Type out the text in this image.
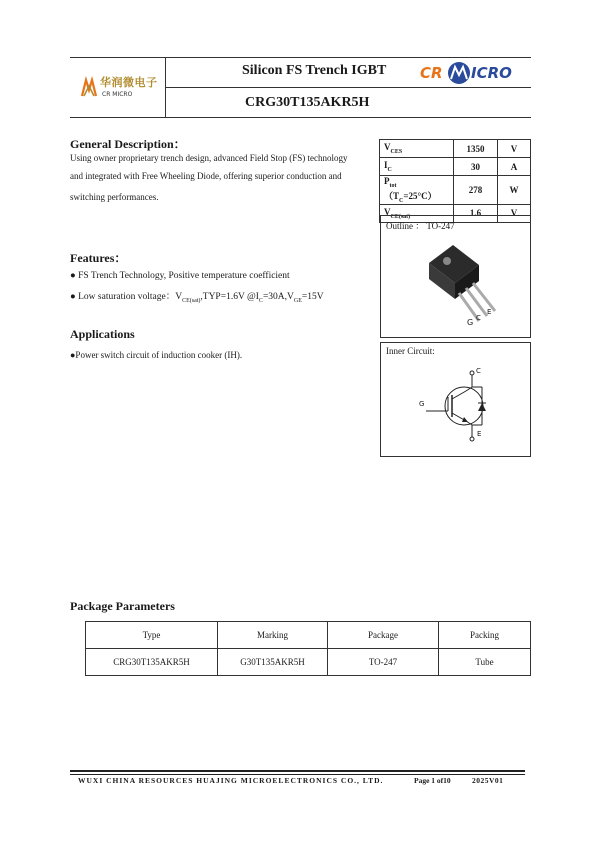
华润微电子
CR MICRO
Silicon FS Trench IGBT CR ICRO
CRG30T135AKR5H
General Description：
Using owner proprietary trench design, advanced Field Stop (FS) technology
and integrated with Free Wheeling Diode, offering superior conduction and
switching performances.
$V_{CES}$	1350	V
$I_C$	30	A
$P_{tot}(T_C=25^\circ C)$	278	W
$V_{CE(sat)}$	1.6	V
Outline ： TO-247
G C
E
Inner Circuit:
C
G
E
Features：
● FS Trench Technology, Positive temperature coefficient
● Low saturation voltage：$V_{CE(sat)},TYP=1.6V$ $@I_C=30A,V_{GE}=15V$
Applications
●Power switch circuit of induction cooker (IH).
Package Parameters
Type	Marking	Package	Packing
CRG30T135AKR5H	G30T135AKR5H	TO-247	Tube
WUXI CHINA RESOURCES HUAJING MICROELECTRONICS CO., LTD.	Page 1 of10	2025V01
